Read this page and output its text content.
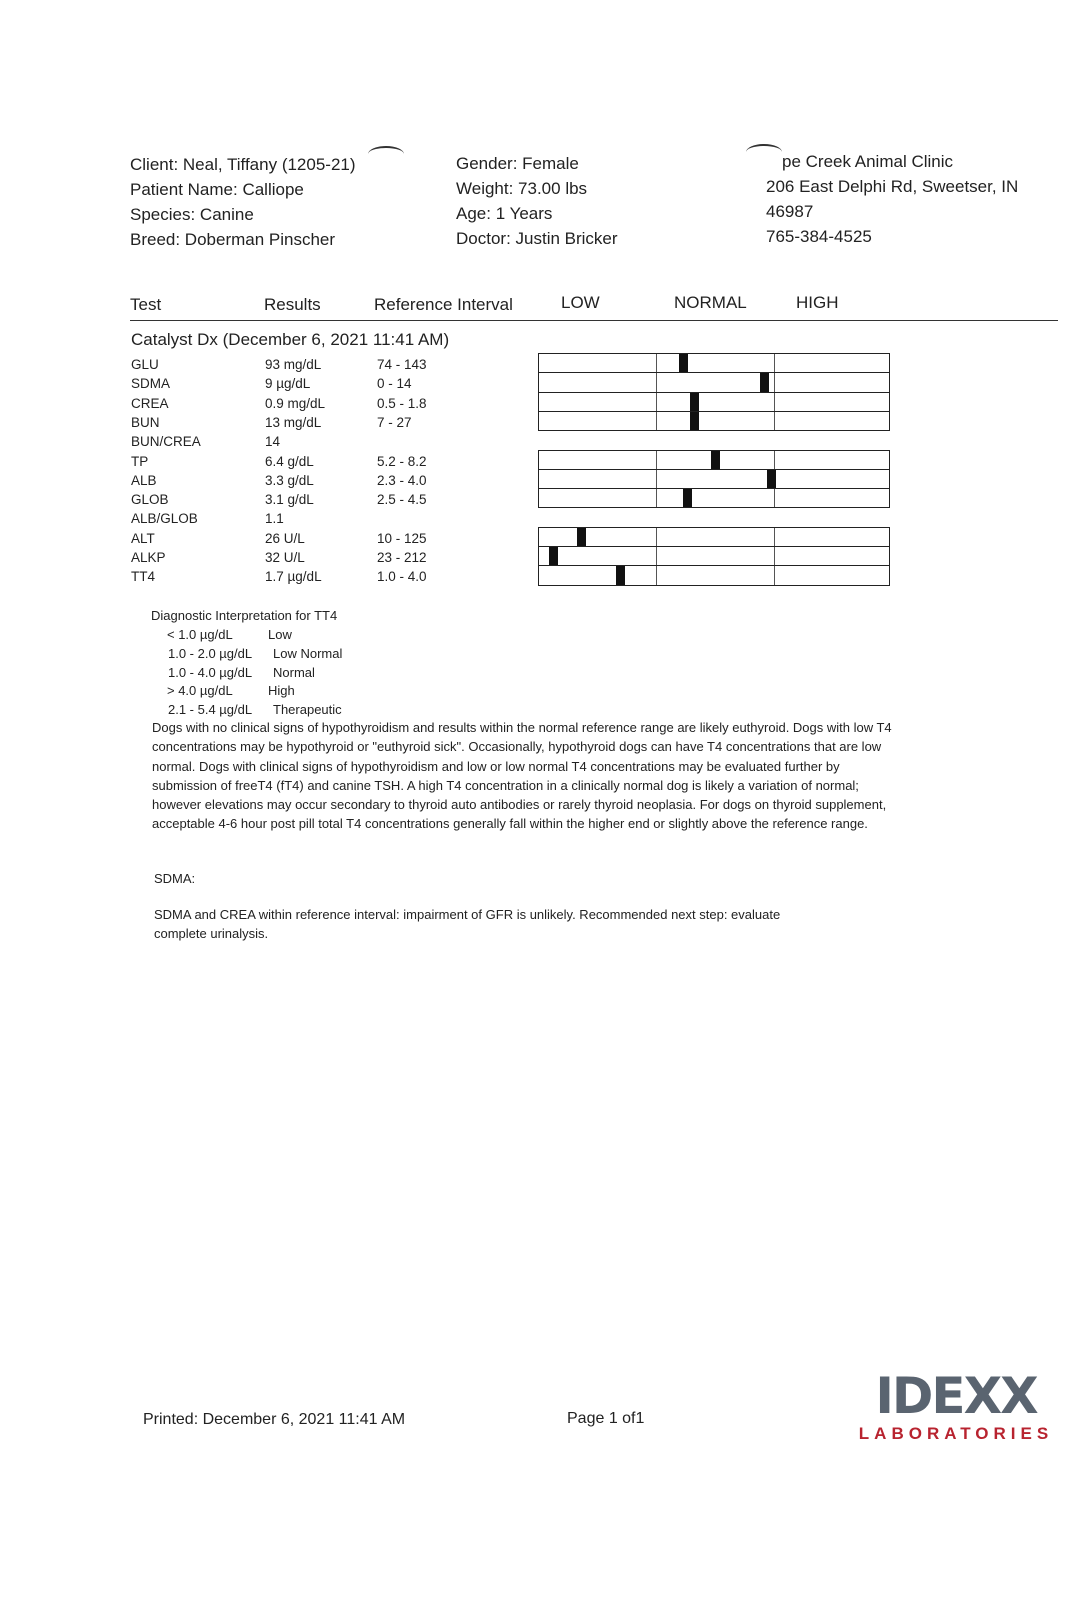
Client: Neal, Tiffany (1205-21)
Patient Name: Calliope
Species: Canine
Breed: Doberman Pinscher
Gender: Female
Weight: 73.00 lbs
Age: 1 Years
Doctor: Justin Bricker
pe Creek Animal Clinic
206 East Delphi Rd, Sweetser, IN
46987
765-384-4525
Test	Results	Reference Interval	LOW	NORMAL	HIGH
Catalyst Dx (December 6, 2021 11:41 AM)
GLU	93 mg/dL	74 - 143
SDMA	9 µg/dL	0 - 14
CREA	0.9 mg/dL	0.5 - 1.8
BUN	13 mg/dL	7 - 27
BUN/CREA	14
TP	6.4 g/dL	5.2 - 8.2
ALB	3.3 g/dL	2.3 - 4.0
GLOB	3.1 g/dL	2.5 - 4.5
ALB/GLOB	1.1
ALT	26 U/L	10 - 125
ALKP	32 U/L	23 - 212
TT4	1.7 µg/dL	1.0 - 4.0
Diagnostic Interpretation for TT4
< 1.0 µg/dL	Low
1.0 - 2.0 µg/dL Low Normal
1.0 - 4.0 µg/dL Normal
> 4.0 µg/dL	High
2.1 - 5.4 µg/dL Therapeutic
Dogs with no clinical signs of hypothyroidism and results within the normal reference range are likely euthyroid. Dogs with low T4 concentrations may be hypothyroid or "euthyroid sick". Occasionally, hypothyroid dogs can have T4 concentrations that are low normal. Dogs with clinical signs of hypothyroidism and low or low normal T4 concentrations may be evaluated further by submission of freeT4 (fT4) and canine TSH. A high T4 concentration in a clinically normal dog is likely a variation of normal; however elevations may occur secondary to thyroid auto antibodies or rarely thyroid neoplasia. For dogs on thyroid supplement, acceptable 4-6 hour post pill total T4 concentrations generally fall within the higher end or slightly above the reference range.
SDMA:
SDMA and CREA within reference interval: impairment of GFR is unlikely. Recommended next step: evaluate complete urinalysis.
Printed: December 6, 2021 11:41 AM	Page 1 of1	IDEXX
LABORATORIES
